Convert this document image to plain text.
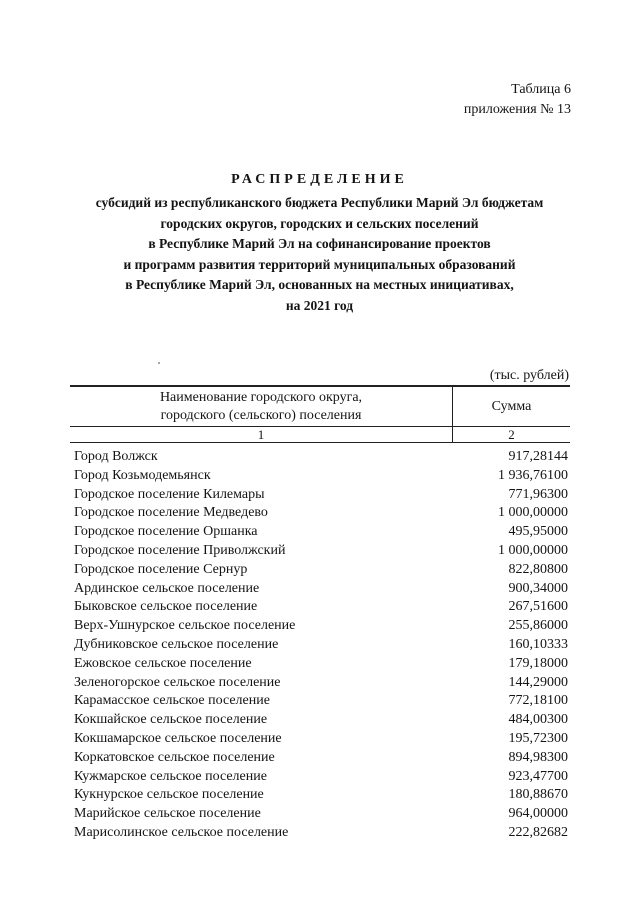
Таблица 6
приложения № 13
РАСПРЕДЕЛЕНИЕ
субсидий из республиканского бюджета Республики Марий Эл бюджетам
городских округов, городских и сельских поселений
в Республике Марий Эл на софинансирование проектов
и программ развития территорий муниципальных образований
в Республике Марий Эл, основанных на местных инициативах,
на 2021 год
(тыс. рублей)
Наименование городского округа,
городского (сельского) поселения	Сумма
1	2
Город Волжск	917,28144
Город Козьмодемьянск	1 936,76100
Городское поселение Килемары	771,96300
Городское поселение Медведево	1 000,00000
Городское поселение Оршанка	495,95000
Городское поселение Приволжский	1 000,00000
Городское поселение Сернур	822,80800
Ардинское сельское поселение	900,34000
Быковское сельское поселение	267,51600
Верх-Ушнурское сельское поселение	255,86000
Дубниковское сельское поселение	160,10333
Ежовское сельское поселение	179,18000
Зеленогорское сельское поселение	144,29000
Карамасское сельское поселение	772,18100
Кокшайское сельское поселение	484,00300
Кокшамарское сельское поселение	195,72300
Коркатовское сельское поселение	894,98300
Кужмарское сельское поселение	923,47700
Кукнурское сельское поселение	180,88670
Марийское сельское поселение	964,00000
Марисолинское сельское поселение	222,82682
